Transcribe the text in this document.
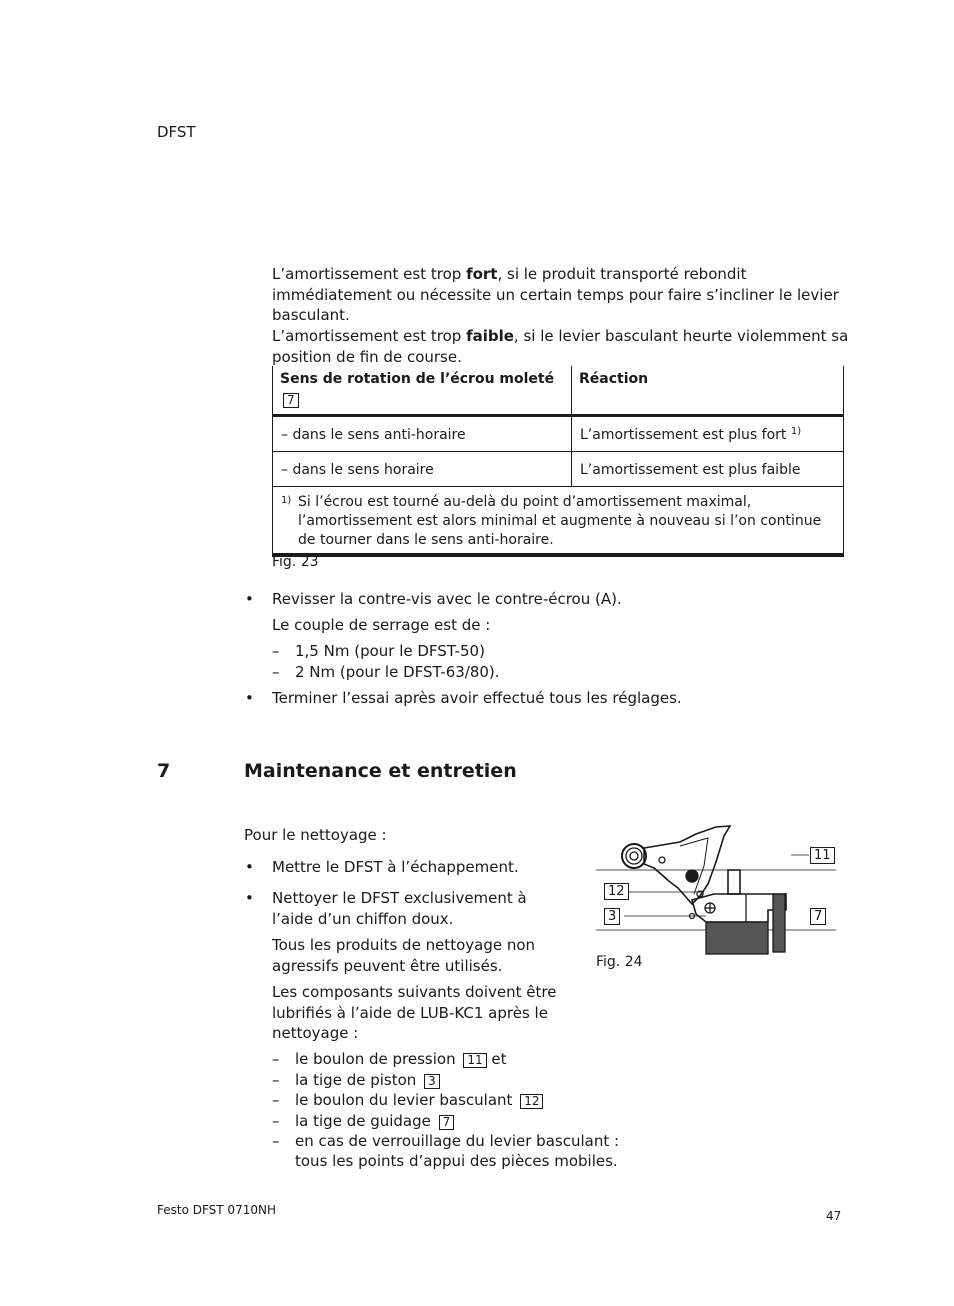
DFST

L’amortissement est trop fort, si le produit transporté rebondit immédiatement ou nécessite un certain temps pour faire s’incliner le levier basculant.

L’amortissement est trop faible, si le levier basculant heurte violemment sa position de fin de course.

Sens de rotation de l’écrou moleté 7	Réaction

– dans le sens anti-horaire	L’amortissement est plus fort $^{1)}$

– dans le sens horaire	L’amortissement est plus faible

1) Si l’écrou est tourné au-delà du point d’amortissement maximal, l’amortissement est alors minimal et augmente à nouveau si l’on continue de tourner dans le sens anti-horaire.	
Fig. 23
• Revisser la contre-vis avec le contre-écrou (A).
Le couple de serrage est de :
– 1,5 Nm (pour le DFST-50)
– 2 Nm (pour le DFST-63/80).
• Terminer l’essai après avoir effectué tous les réglages.
7	Maintenance et entretien
Pour le nettoyage :
• Mettre le DFST à l’échappement.
• Nettoyer le DFST exclusivement à l’aide d’un chiffon doux.
Tous les produits de nettoyage non agressifs peuvent être utilisés.
Les composants suivants doivent être lubrifiés à l’aide de LUB-KC1 après le nettoyage :
– le boulon de pression 11 et
– la tige de piston 3
– le boulon du levier basculant 12
– la tige de guidage 7
– en cas de verrouillage du levier basculant :
tous les points d’appui des pièces mobiles.
11
12
3	7
Fig. 24
Festo DFST 0710NH	47
